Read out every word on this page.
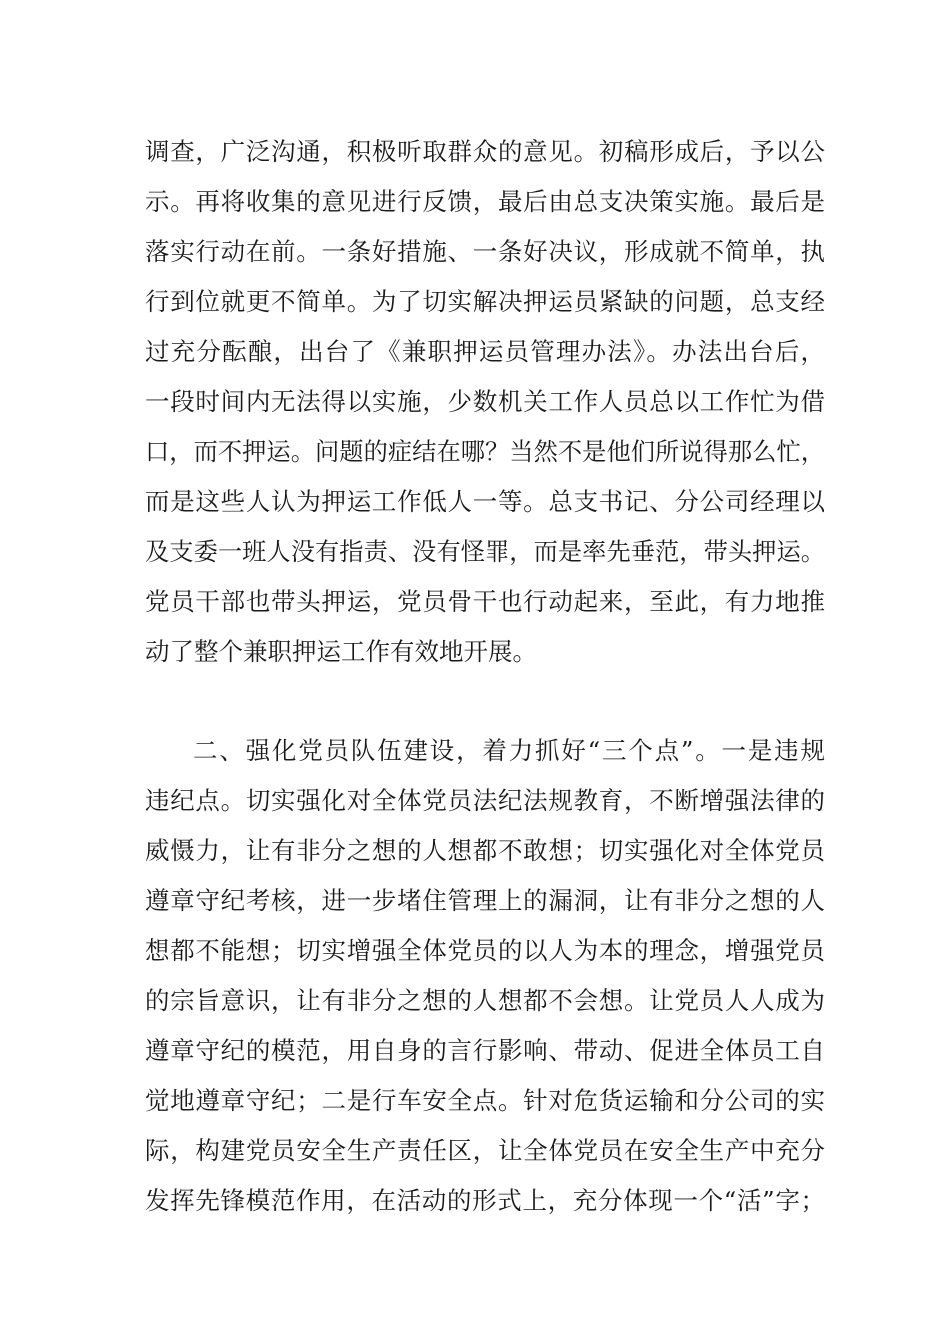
调查，广泛沟通，积极听取群众的意见。初稿形成后，予以公
示。再将收集的意见进行反馈，最后由总支决策实施。最后是
落实行动在前。一条好措施、一条好决议，形成就不简单，执
行到位就更不简单。为了切实解决押运员紧缺的问题，总支经
过充分酝酿，出台了《兼职押运员管理办法》。办法出台后，
一段时间内无法得以实施，少数机关工作人员总以工作忙为借
口，而不押运。问题的症结在哪？当然不是他们所说得那么忙，
而是这些人认为押运工作低人一等。总支书记、分公司经理以
及支委一班人没有指责、没有怪罪，而是率先垂范，带头押运。
党员干部也带头押运，党员骨干也行动起来，至此，有力地推
动了整个兼职押运工作有效地开展。
二、强化党员队伍建设，着力抓好“三个点”。一是违规
违纪点。切实强化对全体党员法纪法规教育，不断增强法律的
威慑力，让有非分之想的人想都不敢想；切实强化对全体党员
遵章守纪考核，进一步堵住管理上的漏洞，让有非分之想的人
想都不能想；切实增强全体党员的以人为本的理念，增强党员
的宗旨意识，让有非分之想的人想都不会想。让党员人人成为
遵章守纪的模范，用自身的言行影响、带动、促进全体员工自
觉地遵章守纪；二是行车安全点。针对危货运输和分公司的实
际，构建党员安全生产责任区，让全体党员在安全生产中充分
发挥先锋模范作用，在活动的形式上，充分体现一个“活”字；
